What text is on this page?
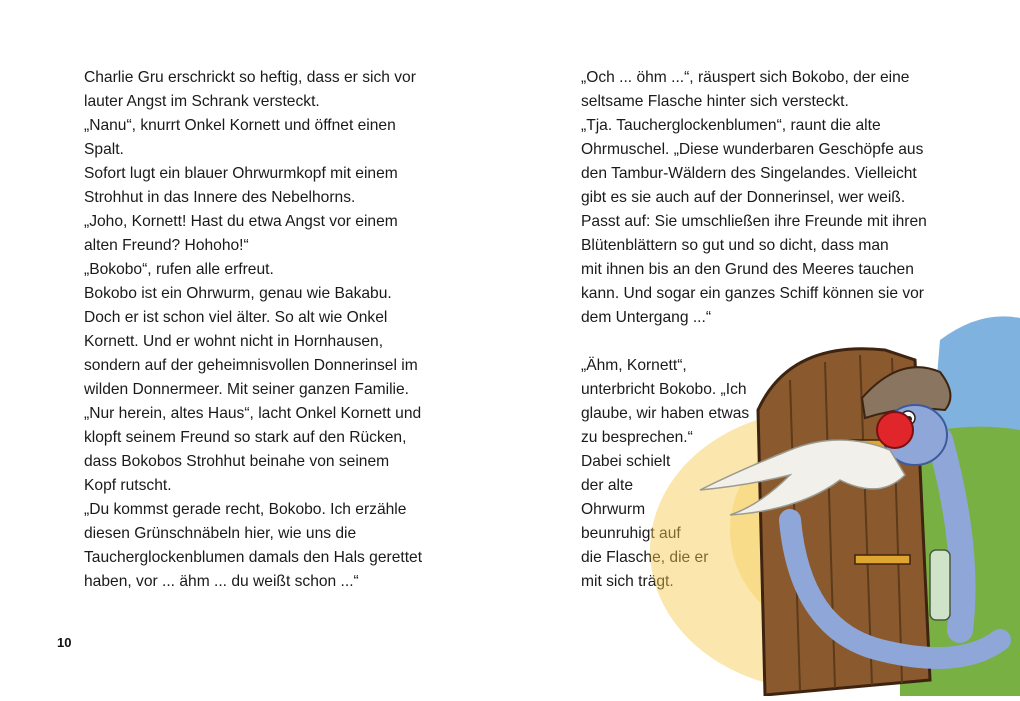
Charlie Gru erschrickt so heftig, dass er sich vor
lauter Angst im Schrank versteckt.
„Nanu“, knurrt Onkel Kornett und öffnet einen
Spalt.
Sofort lugt ein blauer Ohrwurmkopf mit einem
Strohhut in das Innere des Nebelhorns.
„Joho, Kornett! Hast du etwa Angst vor einem
alten Freund? Hohoho!“
„Bokobo“, rufen alle erfreut.
Bokobo ist ein Ohrwurm, genau wie Bakabu.
Doch er ist schon viel älter. So alt wie Onkel
Kornett. Und er wohnt nicht in Hornhausen,
sondern auf der geheimnisvollen Donnerinsel im
wilden Donnermeer. Mit seiner ganzen Familie.
„Nur herein, altes Haus“, lacht Onkel Kornett und
klopft seinem Freund so stark auf den Rücken,
dass Bokobos Strohhut beinahe von seinem
Kopf rutscht.
„Du kommst gerade recht, Bokobo. Ich erzähle
diesen Grünschnäbeln hier, wie uns die
Taucherglockenblumen damals den Hals gerettet
haben, vor ... ähm ... du weißt schon ...“
„Och ... öhm ...“, räuspert sich Bokobo, der eine
seltsame Flasche hinter sich versteckt.
„Tja. Taucherglockenblumen“, raunt die alte
Ohrmuschel. „Diese wunderbaren Geschöpfe aus
den Tambur-Wäldern des Singelandes. Vielleicht
gibt es sie auch auf der Donnerinsel, wer weiß.
Passt auf: Sie umschließen ihre Freunde mit ihren
Blütenblättern so gut und so dicht, dass man
mit ihnen bis an den Grund des Meeres tauchen
kann. Und sogar ein ganzes Schiff können sie vor
dem Untergang ...“
„Ähm, Kornett“,
unterbricht Bokobo. „Ich
glaube, wir haben etwas
zu besprechen.“
Dabei schielt
der alte
Ohrwurm
beunruhigt auf
die Flasche, die er
mit sich trägt.
10
